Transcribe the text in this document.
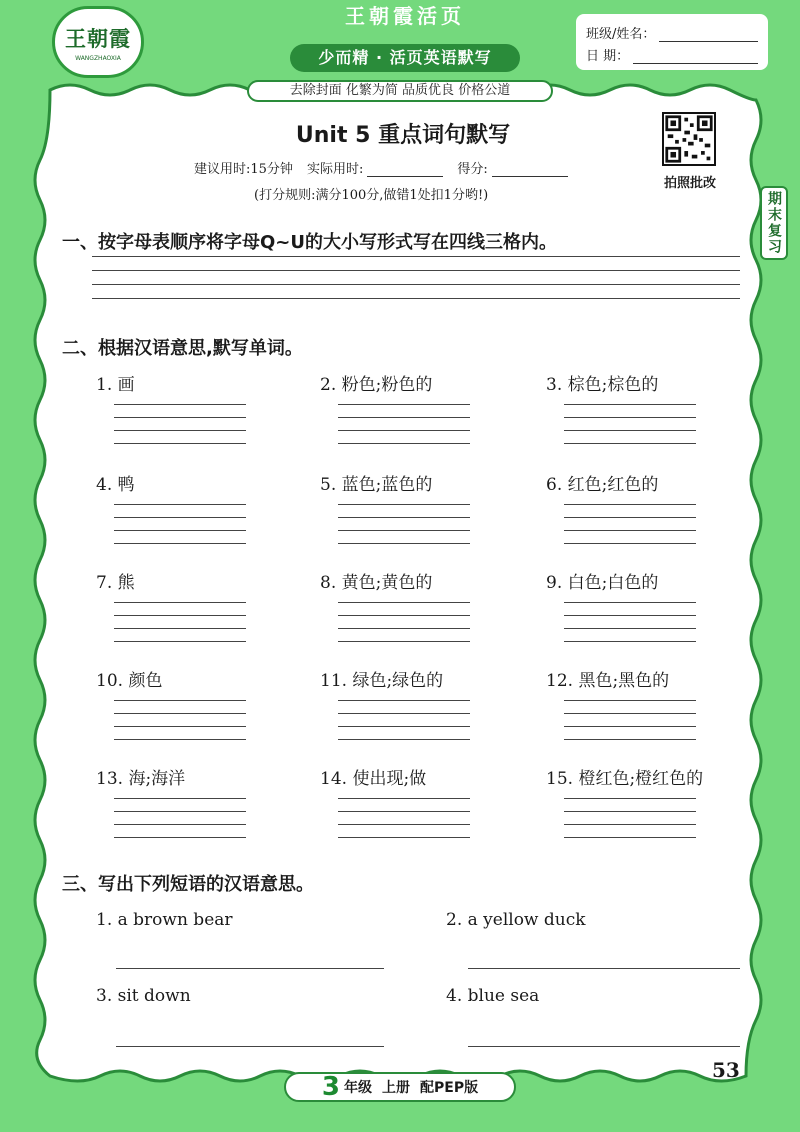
王朝霞
WANGZHAOXIA
王朝霞活页
少而精 · 活页英语默写
去除封面 化繁为简 品质优良 价格公道
班级/姓名：
日 期：
Unit 5 重点词句默写
建议用时:15分钟 实际用时:	得分:
(打分规则:满分100分,做错1处扣1分哟!)
拍照批改
期末复习
一、按字母表顺序将字母Q~U的大小写形式写在四线三格内。
二、根据汉语意思,默写单词。
1. 画	2. 粉色;粉色的	3. 棕色;棕色的
4. 鸭	5. 蓝色;蓝色的	6. 红色;红色的
7. 熊	8. 黄色;黄色的	9. 白色;白色的
10. 颜色	11. 绿色;绿色的	12. 黑色;黑色的
13. 海;海洋	14. 使出现;做	15. 橙红色;橙红色的
三、写出下列短语的汉语意思。
1. a brown bear	2. a yellow duck
3. sit down	4. blue sea
3 年级 上册 配PEP版
53
